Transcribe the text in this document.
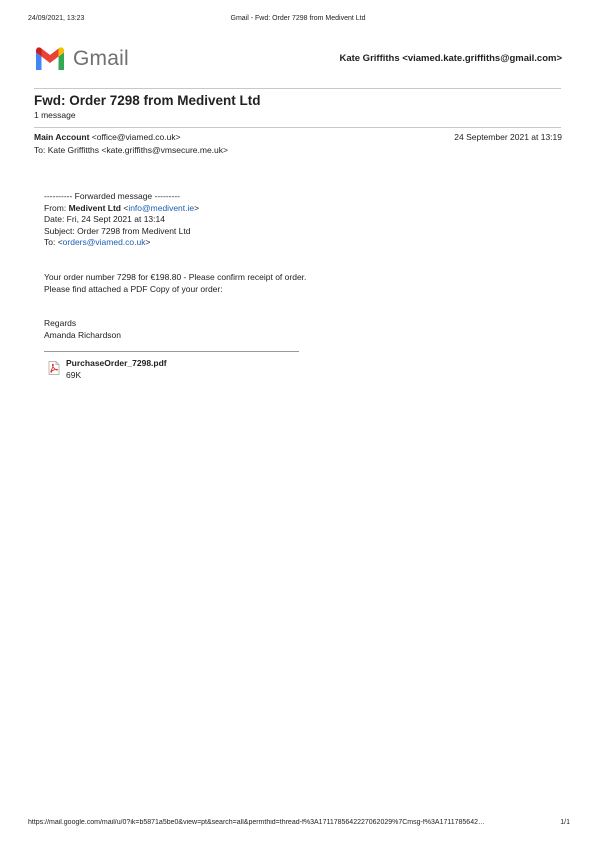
24/09/2021, 13:23	Gmail - Fwd: Order 7298 from Medivent Ltd
Gmail	Kate Griffiths <viamed.kate.griffiths@gmail.com>
Fwd: Order 7298 from Medivent Ltd
1 message
Main Account <office@viamed.co.uk>	24 September 2021 at 13:19
To: Kate Griffitths <kate.griffiths@vmsecure.me.uk>
---------- Forwarded message ---------
From: Medivent Ltd <info@medivent.ie>
Date: Fri, 24 Sept 2021 at 13:14
Subject: Order 7298 from Medivent Ltd
To: <orders@viamed.co.uk>
Your order number 7298 for €198.80 - Please confirm receipt of order.
Please find attached a PDF Copy of your order:
Regards
Amanda Richardson
PurchaseOrder_7298.pdf
69K
https://mail.google.com/mail/u/0?ik=b5871a5be0&view=pt&search=all&permthid=thread-f%3A1711785642227062029%7Cmsg-f%3A1711785642…	1/1
